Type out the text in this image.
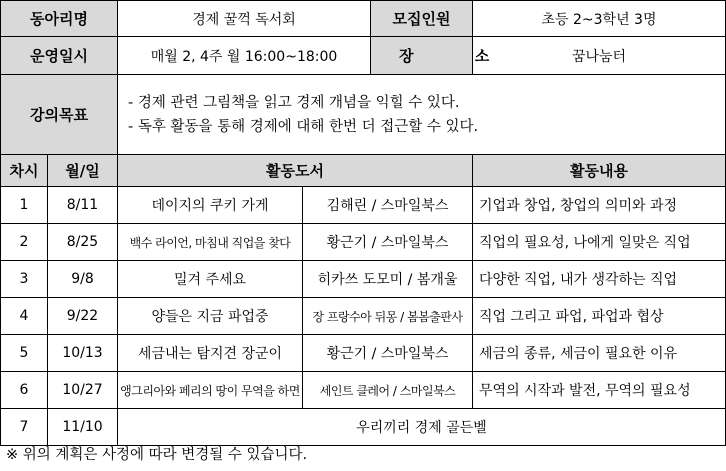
동아리명		경제 꿀꺽 독서회		모집인원	초등 2~3학년 3명
운영일시		매월 2, 4주 월 16:00~18:00		장 소	꿈나눔터
강의목표		- 경제 관련 그림책을 읽고 경제 개념을 익힐 수 있다.
- 독후 활동을 통해 경제에 대해 한번 더 접근할 수 있다.			

차시	월/일	활동도서			활동내용
1	8/11	데이지의 쿠키 가게	김해린 / 스마일북스		기업과 창업, 창업의 의미와 과정
2	8/25	백수 라이언, 마침내 직업을 찾다	황근기 / 스마일북스		직업의 필요성, 나에게 일맞은 직업
3	9/8	밀겨 주세요	히카쓰 도모미 / 봄개울		다양한 직업, 내가 생각하는 직업
4	9/22	양들은 지금 파업중	장 프랑수아 뒤몽 / 봄봄출판사		직업 그리고 파업, 파업과 협상
5	10/13	세금내는 탐지견 장군이	황근기 / 스마일북스		세금의 종류, 세금이 필요한 이유
6	10/27	앵그리아와 페리의 땅이 무역을 하면	세인트 클레어 / 스마일북스		무역의 시작과 발전, 무역의 필요성
7	11/10	우리끼리 경제 골든벨			
※ 위의 계획은 사정에 따라 변경될 수 있습니다.
